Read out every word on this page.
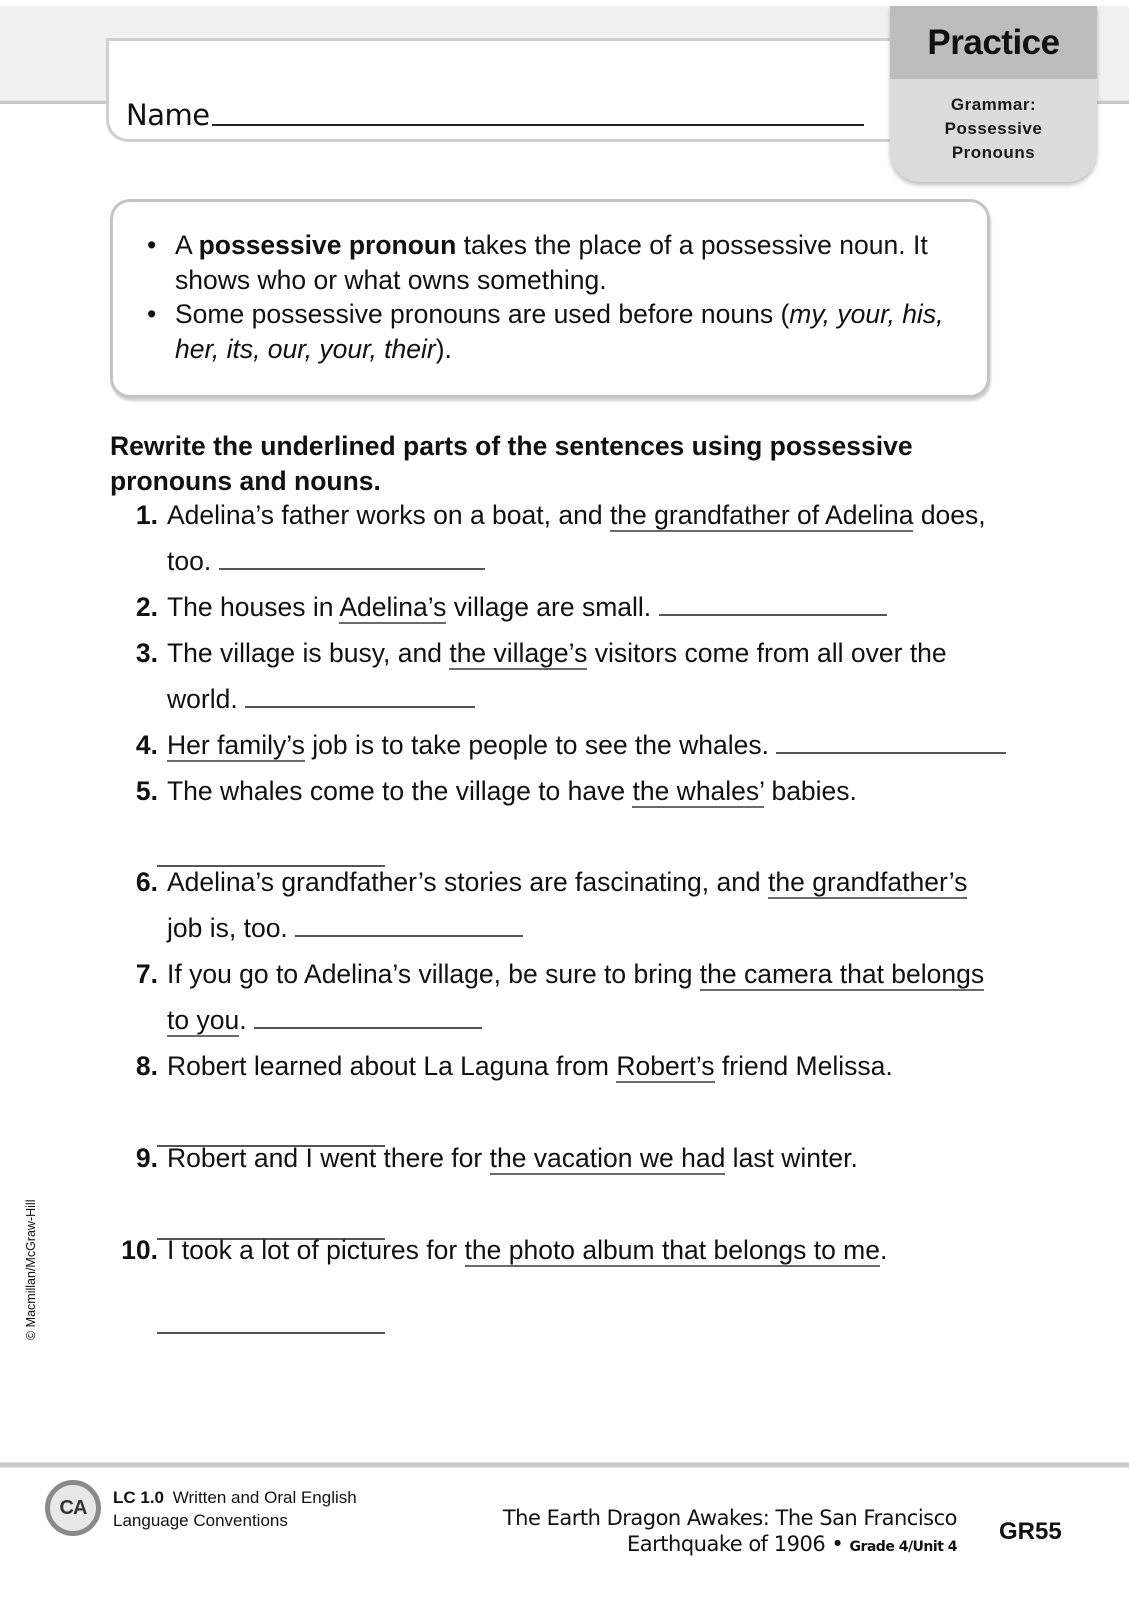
Name
Practice
Grammar:
Possessive
Pronouns
• A possessive pronoun takes the place of a possessive noun. It shows who or what owns something.
• Some possessive pronouns are used before nouns (my, your, his, her, its, our, your, their).
Rewrite the underlined parts of the sentences using possessive pronouns and nouns.
1. Adelina’s father works on a boat, and the grandfather of Adelina does,
too.
2. The houses in Adelina’s village are small.
3. The village is busy, and the village’s visitors come from all over the
world.
4. Her family’s job is to take people to see the whales.
5. The whales come to the village to have the whales’ babies.
6. Adelina’s grandfather’s stories are fascinating, and the grandfather’s
job is, too.
7. If you go to Adelina’s village, be sure to bring the camera that belongs
to you.
8. Robert learned about La Laguna from Robert’s friend Melissa.
9. Robert and I went there for the vacation we had last winter.
10. I took a lot of pictures for the photo album that belongs to me.
© Macmillan/McGraw-Hill
CA LC 1.0 Written and Oral English
Language Conventions	The Earth Dragon Awakes: The San Francisco
Earthquake of 1906 • Grade 4/Unit 4
GR55
